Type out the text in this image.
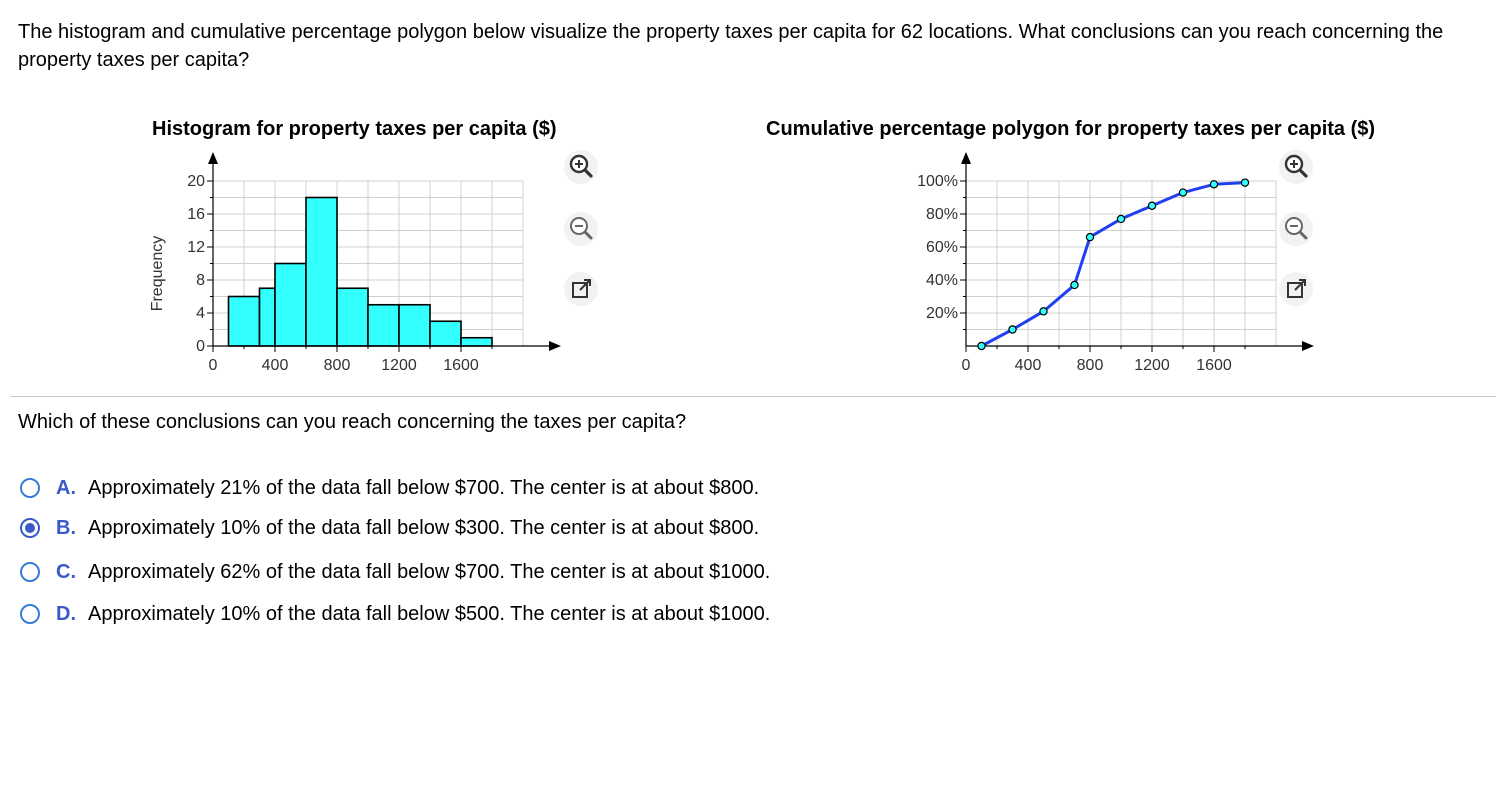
The histogram and cumulative percentage polygon below visualize the property taxes per capita for 62 locations. What conclusions can you reach concerning the property taxes per capita?
Histogram for property taxes per capita ($)	Cumulative percentage polygon for property taxes per capita ($)
0
4
8
12
16
20
0	400 800 1200 1600
Frequency
20%
40%
60%
80%
100%
0	400 800 1200 1600
Which of these conclusions can you reach concerning the taxes per capita?
A. Approximately 21% of the data fall below $700. The center is at about $800.
B. Approximately 10% of the data fall below $300. The center is at about $800.
C. Approximately 62% of the data fall below $700. The center is at about $1000.
D. Approximately 10% of the data fall below $500. The center is at about $1000.
